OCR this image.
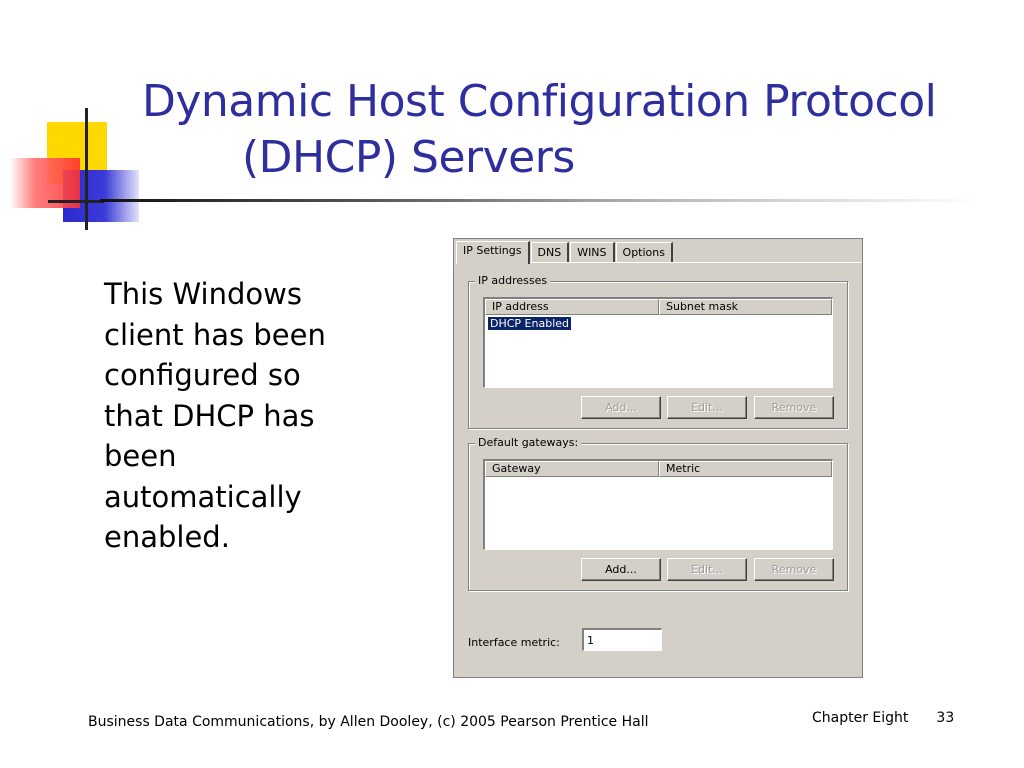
Dynamic Host Configuration Protocol
(DHCP) Servers
This Windows client has been configured so that DHCP has been automatically enabled.
IP Settings	DNS	WINS	Options
IP addresses
IP address	Subnet mask
DHCP Enabled
Add...	Edit...	Remove
Default gateways:
Gateway	Metric
Add...	Edit...	Remove
Interface metric:
1
Business Data Communications, by Allen Dooley, (c) 2005 Pearson Prentice Hall	Chapter Eight 33
